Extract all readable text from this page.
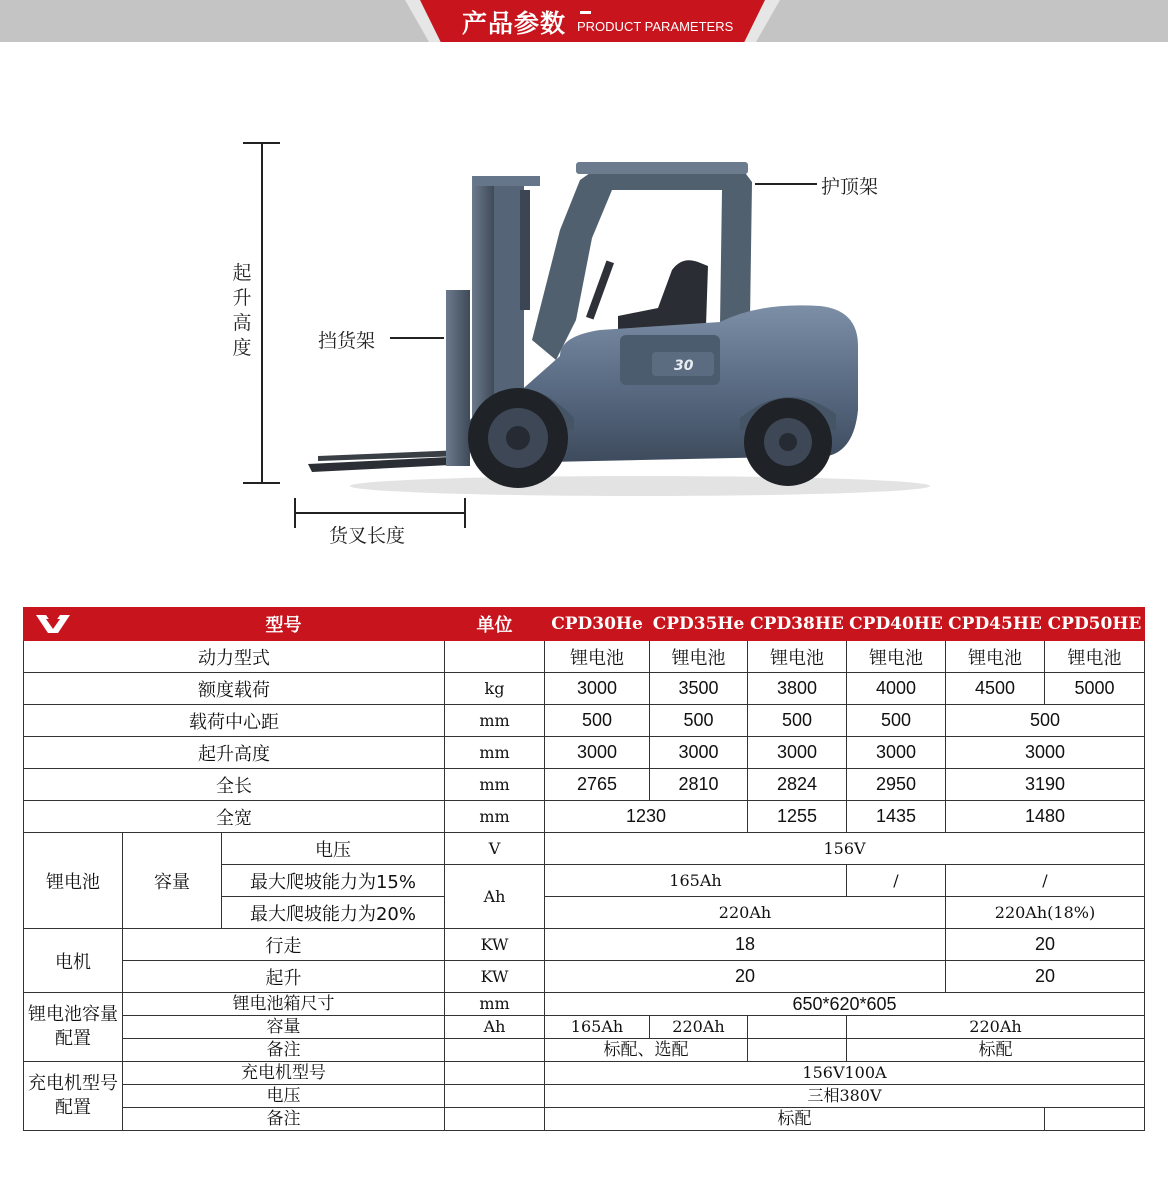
产品参数 PRODUCT PARAMETERS
起
升
高
度	挡货架
护顶架
货叉长度
30
	型号		单位	CPD30He	CPD35He	CPD38HE	CPD40HE	CPD45HE	CPD50HE
动力型式				锂电池	锂电池	锂电池	锂电池	锂电池	锂电池
额度载荷			kg	3000	3500	3800	4000	4500	5000
载荷中心距			mm	500	500	500	500	500	
起升高度			mm	3000	3000	3000	3000	3000	
全长			mm	2765	2810	2824	2950	3190	
全宽			mm	1230		1255	1435	1480	
锂电池	容量	电压	V	156V					
		最大爬坡能力为15%	Ah	165Ah			/	/	
		最大爬坡能力为20%		220Ah				220Ah(18%)	
电机	行走		KW	18				20	
	起升		KW	20				20	
锂电池容量配置	锂电池箱尺寸		mm	650*620*605					
	容量		Ah	165Ah	220Ah		220Ah		
	备注			标配、选配			标配		
充电机型号配置	充电机型号			156V100A					
	电压			三相380V					
	备注			标配					
